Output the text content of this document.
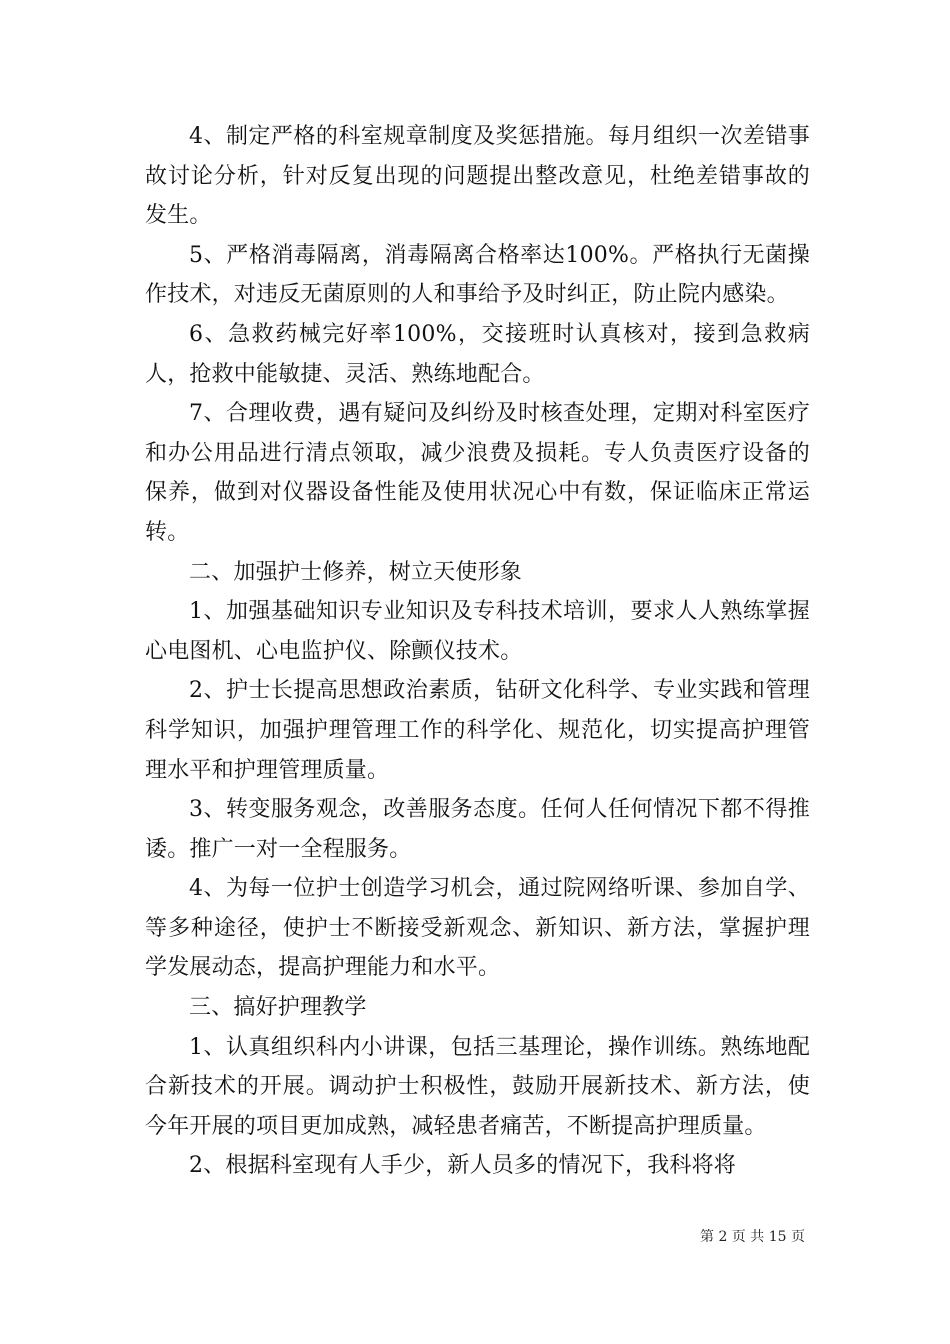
4、制定严格的科室规章制度及奖惩措施。每月组织一次差错事故讨论分析，针对反复出现的问题提出整改意见，杜绝差错事故的发生。

5、严格消毒隔离，消毒隔离合格率达100%。严格执行无菌操作技术，对违反无菌原则的人和事给予及时纠正，防止院内感染。

6、急救药械完好率100%，交接班时认真核对，接到急救病人，抢救中能敏捷、灵活、熟练地配合。

7、合理收费，遇有疑问及纠纷及时核查处理，定期对科室医疗和办公用品进行清点领取，减少浪费及损耗。专人负责医疗设备的保养，做到对仪器设备性能及使用状况心中有数，保证临床正常运转。

二、加强护士修养，树立天使形象

1、加强基础知识专业知识及专科技术培训，要求人人熟练掌握心电图机、心电监护仪、除颤仪技术。

2、护士长提高思想政治素质，钻研文化科学、专业实践和管理科学知识，加强护理管理工作的科学化、规范化，切实提高护理管理水平和护理管理质量。

3、转变服务观念，改善服务态度。任何人任何情况下都不得推诿。推广一对一全程服务。

4、为每一位护士创造学习机会，通过院网络听课、参加自学、等多种途径，使护士不断接受新观念、新知识、新方法，掌握护理学发展动态，提高护理能力和水平。

三、搞好护理教学

1、认真组织科内小讲课，包括三基理论，操作训练。熟练地配合新技术的开展。调动护士积极性，鼓励开展新技术、新方法，使今年开展的项目更加成熟，减轻患者痛苦，不断提高护理质量。

2、根据科室现有人手少，新人员多的情况下，我科将将

第 2 页 共 15 页
